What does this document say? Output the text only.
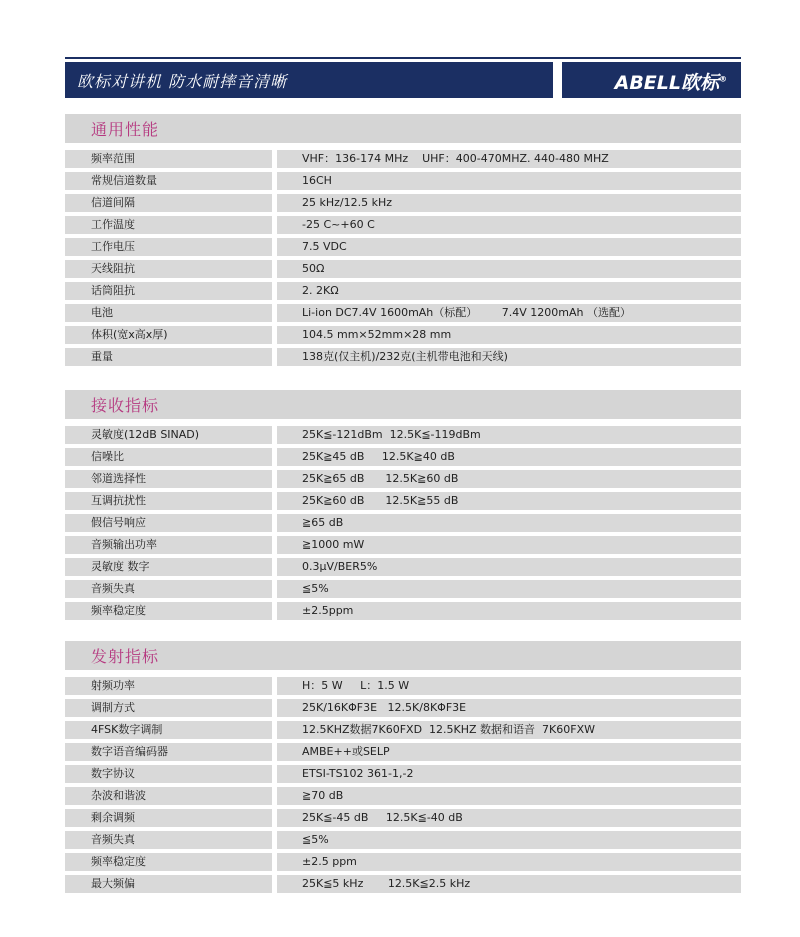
欧标对讲机 防水耐摔音清晰	ABELL欧标®
通用性能
频率范围	VHF：136-174 MHz    UHF：400-470MHZ. 440-480 MHZ
常规信道数量	16CH
信道间隔	25 kHz/12.5 kHz
工作温度	-25 C~+60 C
工作电压	7.5 VDC
天线阻抗	50Ω
话筒阻抗	2. 2KΩ
电池	Li-ion DC7.4V 1600mAh（标配）       7.4V 1200mAh （选配）
体积(宽x高x厚)	104.5 mm×52mm×28 mm
重量	138克(仅主机)/232克(主机带电池和天线)
接收指标
灵敏度(12dB SINAD)	25K≦-121dBm  12.5K≦-119dBm
信噪比	25K≧45 dB     12.5K≧40 dB
邻道选择性	25K≧65 dB      12.5K≧60 dB
互调抗扰性	25K≧60 dB      12.5K≧55 dB
假信号响应	≧65 dB
音频输出功率	≧1000 mW
灵敏度 数字	0.3μV/BER5%
音频失真	≦5%
频率稳定度	±2.5ppm
发射指标
射频功率	H：5 W     L：1.5 W
调制方式	25K/16KΦF3E   12.5K/8KΦF3E
4FSK数字调制	12.5KHZ数据7K60FXD  12.5KHZ 数据和语音  7K60FXW
数字语音编码器	AMBE++或SELP
数字协议	ETSI-TS102 361-1,-2
杂波和谐波	≧70 dB
剩余调频	25K≦-45 dB     12.5K≦-40 dB
音频失真	≦5%
频率稳定度	±2.5 ppm
最大频偏	25K≦5 kHz       12.5K≦2.5 kHz
